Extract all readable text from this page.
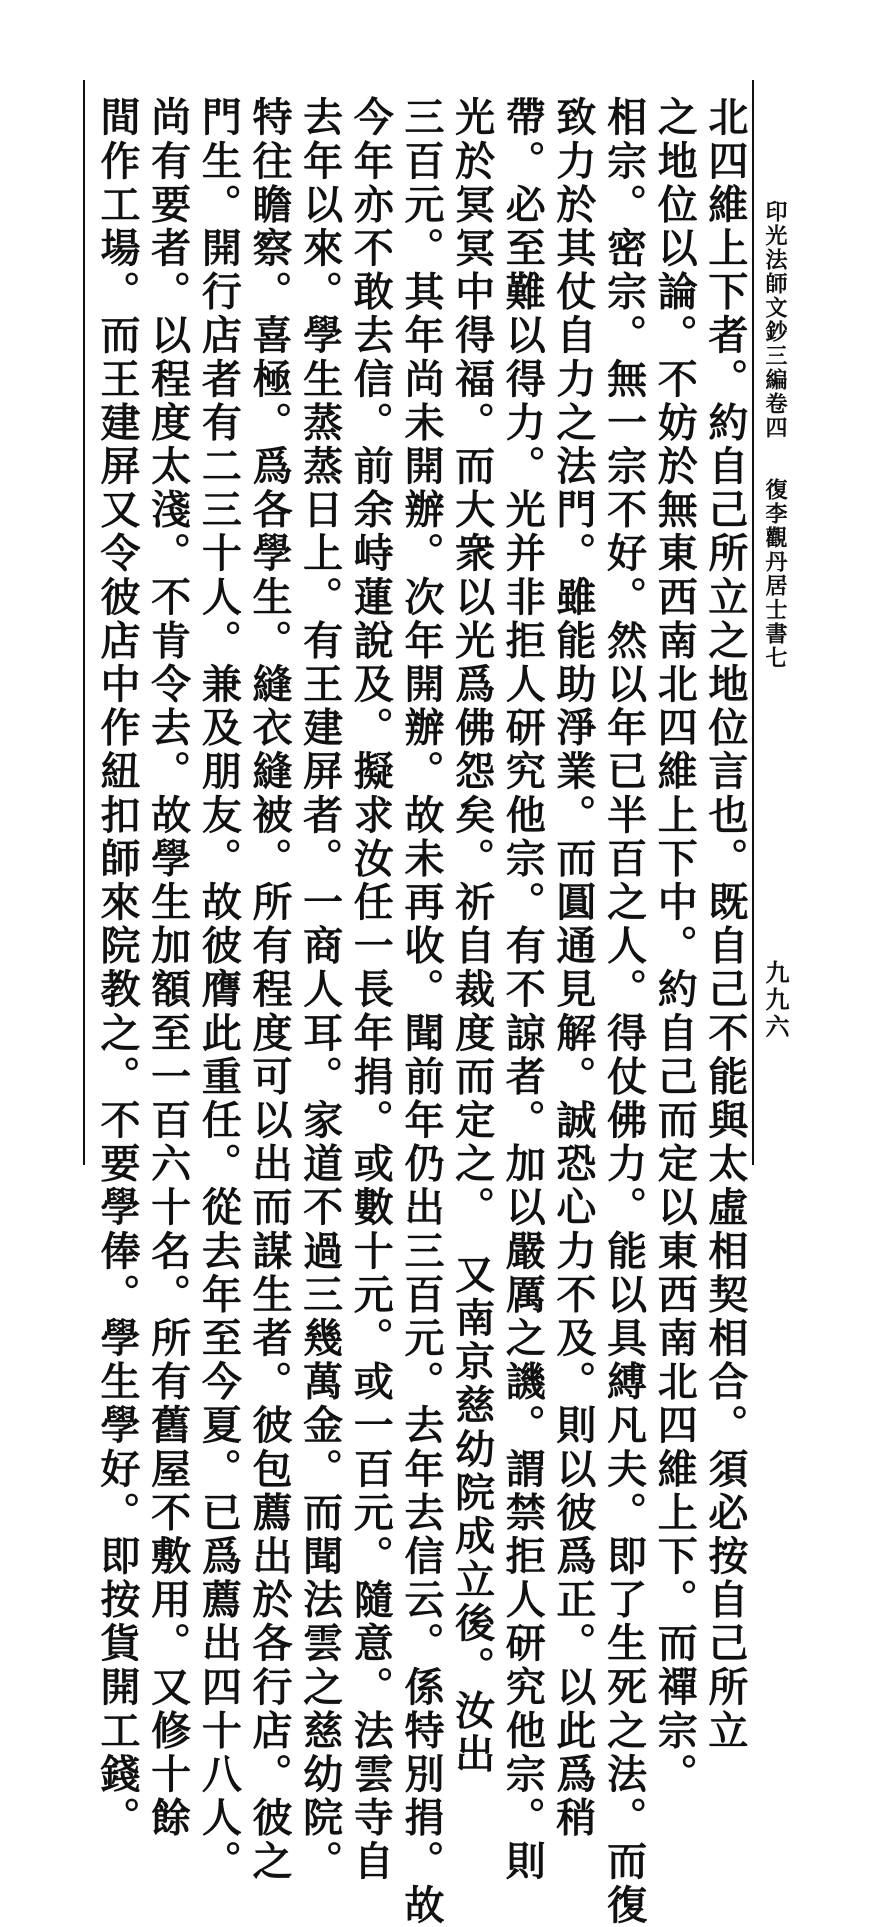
印光法師文鈔三編卷四
復李觀丹居士書七
九九六
北四維上下者。約自己所立之地位言也。既自己不能與太虛相契相合。須必按自己所立
之地位以論。不妨於無東西南北四維上下中。約自己而定以東西南北四維上下。而禪宗。
相宗。密宗。無一宗不好。然以年已半百之人。得仗佛力。能以具縛凡夫。即了生死之法。而復
致力於其仗自力之法門。雖能助淨業。而圓通見解。誠恐心力不及。則以彼爲正。以此爲稍
帶。必至難以得力。光并非拒人研究他宗。有不諒者。加以嚴厲之譏。謂禁拒人研究他宗。則
光於冥冥中得福。而大衆以光爲佛怨矣。祈自裁度而定之。　又南京慈幼院成立後。汝出
三百元。其年尚未開辦。次年開辦。故未再收。聞前年仍出三百元。去年去信云。係特別捐。故
今年亦不敢去信。前余峙蓮說及。擬求汝任一長年捐。或數十元。或一百元。隨意。法雲寺自
去年以來。學生蒸蒸日上。有王建屏者。一商人耳。家道不過三幾萬金。而聞法雲之慈幼院。
特往瞻察。喜極。爲各學生。縫衣縫被。所有程度可以出而謀生者。彼包薦出於各行店。彼之
門生。開行店者有二三十人。兼及朋友。故彼膺此重任。從去年至今夏。已爲薦出四十八人。
尚有要者。以程度太淺。不肯令去。故學生加額至一百六十名。所有舊屋不敷用。又修十餘
間作工場。而王建屏又令彼店中作紐扣師來院教之。不要學俸。學生學好。即按貨開工錢。
